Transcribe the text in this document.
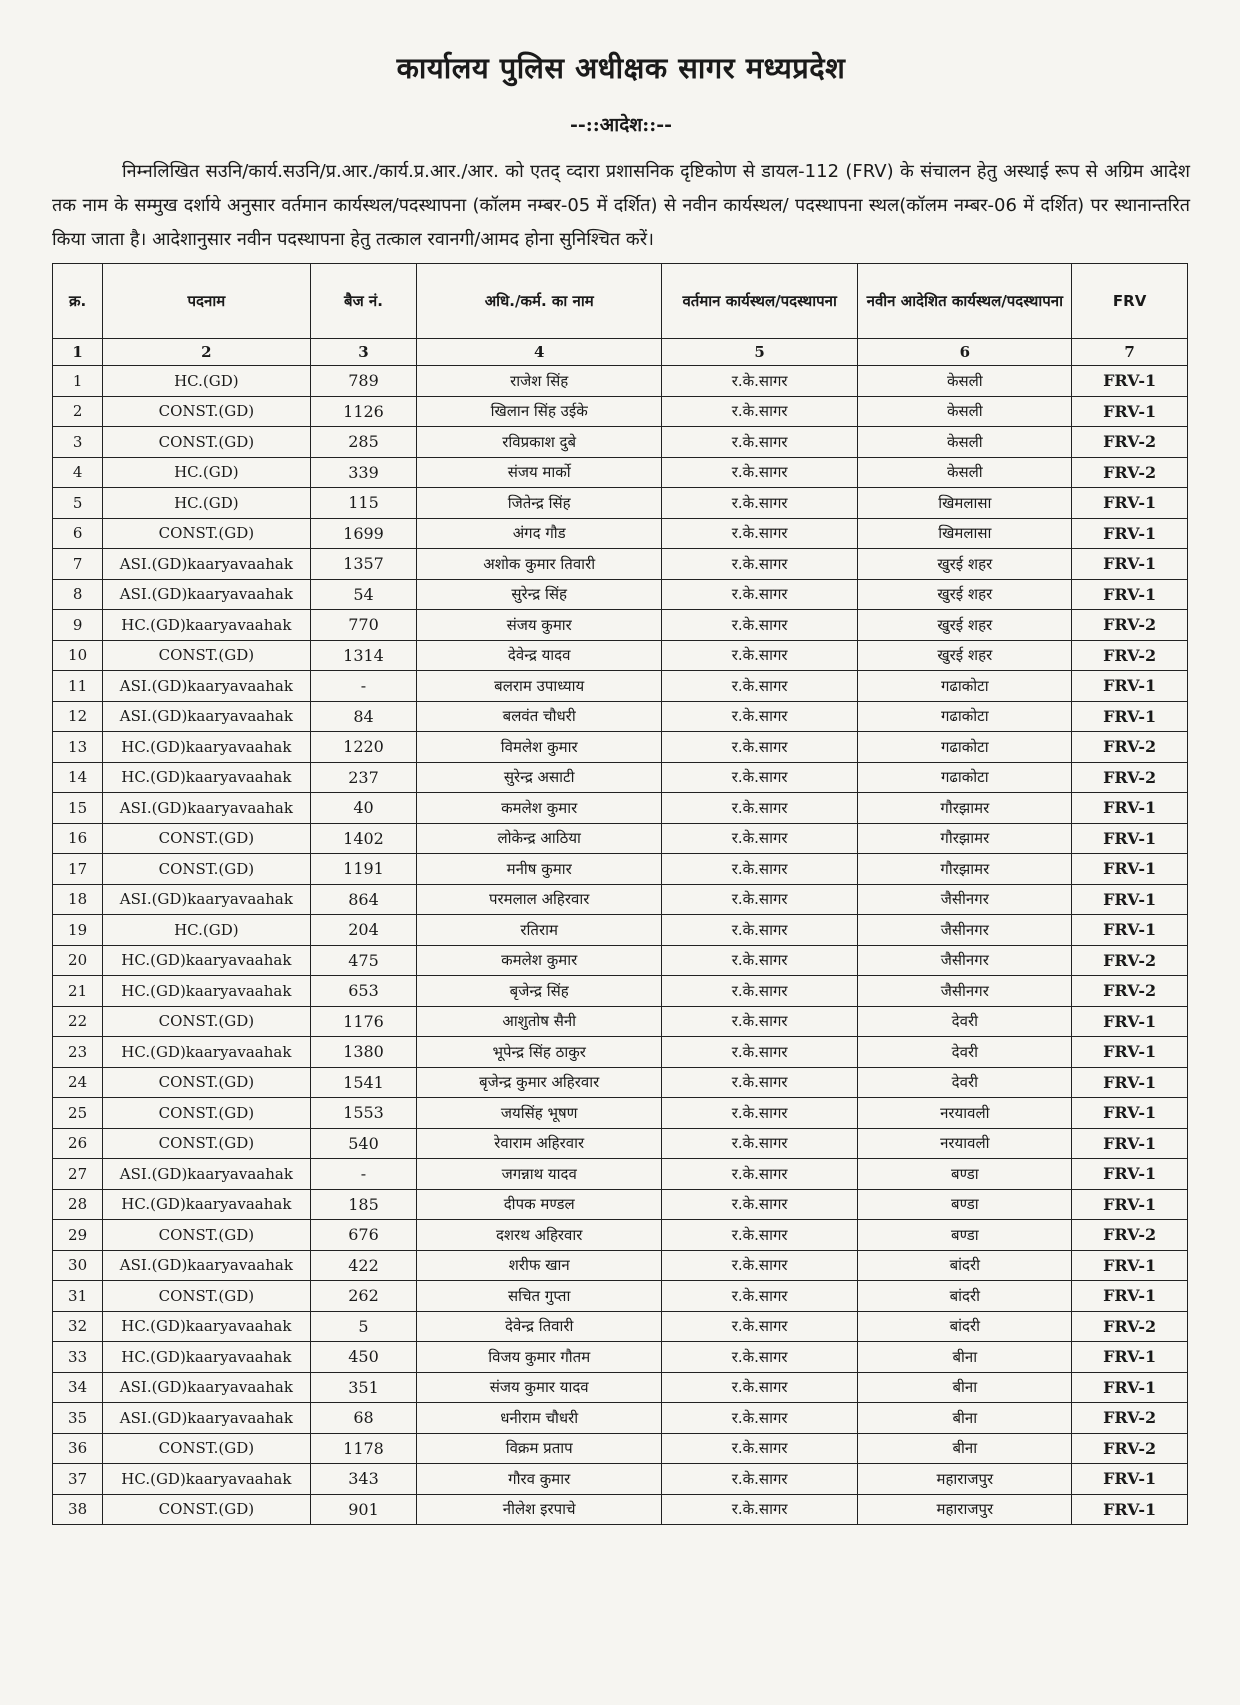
कार्यालय पुलिस अधीक्षक सागर मध्यप्रदेश
--::आदेश::--

निम्नलिखित सउनि/कार्य.सउनि/प्र.आर./कार्य.प्र.आर./आर. को एतद् व्दारा प्रशासनिक दृष्टिकोण से डायल-112 (FRV) के संचालन हेतु अस्थाई रूप से अग्रिम आदेश तक नाम के सम्मुख दर्शाये अनुसार वर्तमान कार्यस्थल/पदस्थापना (कॉलम नम्बर-05 में दर्शित) से नवीन कार्यस्थल/ पदस्थापना स्थल(कॉलम नम्बर-06 में दर्शित) पर स्थानान्तरित किया जाता है। आदेशानुसार नवीन पदस्थापना हेतु तत्काल रवानगी/आमद होना सुनिश्चित करें।

क्र.	पदनाम	बैज नं.	अधि./कर्म. का नाम	वर्तमान कार्यस्थल/पदस्थापना	नवीन आदेशित कार्यस्थल/पदस्थापना	FRV
1	2	3	4	5	6	7
1	HC.(GD)	789	राजेश सिंह	र.के.सागर	केसली	FRV-1
2	CONST.(GD)	1126	खिलान सिंह उईके	र.के.सागर	केसली	FRV-1
3	CONST.(GD)	285	रविप्रकाश दुबे	र.के.सागर	केसली	FRV-2
4	HC.(GD)	339	संजय मार्को	र.के.सागर	केसली	FRV-2
5	HC.(GD)	115	जितेन्द्र सिंह	र.के.सागर	खिमलासा	FRV-1
6	CONST.(GD)	1699	अंगद गौड	र.के.सागर	खिमलासा	FRV-1
7	ASI.(GD)kaaryavaahak	1357	अशोक कुमार तिवारी	र.के.सागर	खुरई शहर	FRV-1
8	ASI.(GD)kaaryavaahak	54	सुरेन्द्र सिंह	र.के.सागर	खुरई शहर	FRV-1
9	HC.(GD)kaaryavaahak	770	संजय कुमार	र.के.सागर	खुरई शहर	FRV-2
10	CONST.(GD)	1314	देवेन्द्र यादव	र.के.सागर	खुरई शहर	FRV-2
11	ASI.(GD)kaaryavaahak	-	बलराम उपाध्याय	र.के.सागर	गढाकोटा	FRV-1
12	ASI.(GD)kaaryavaahak	84	बलवंत चौधरी	र.के.सागर	गढाकोटा	FRV-1
13	HC.(GD)kaaryavaahak	1220	विमलेश कुमार	र.के.सागर	गढाकोटा	FRV-2
14	HC.(GD)kaaryavaahak	237	सुरेन्द्र असाटी	र.के.सागर	गढाकोटा	FRV-2
15	ASI.(GD)kaaryavaahak	40	कमलेश कुमार	र.के.सागर	गौरझामर	FRV-1
16	CONST.(GD)	1402	लोकेन्द्र आठिया	र.के.सागर	गौरझामर	FRV-1
17	CONST.(GD)	1191	मनीष कुमार	र.के.सागर	गौरझामर	FRV-1
18	ASI.(GD)kaaryavaahak	864	परमलाल अहिरवार	र.के.सागर	जैसीनगर	FRV-1
19	HC.(GD)	204	रतिराम	र.के.सागर	जैसीनगर	FRV-1
20	HC.(GD)kaaryavaahak	475	कमलेश कुमार	र.के.सागर	जैसीनगर	FRV-2
21	HC.(GD)kaaryavaahak	653	बृजेन्द्र सिंह	र.के.सागर	जैसीनगर	FRV-2
22	CONST.(GD)	1176	आशुतोष सैनी	र.के.सागर	देवरी	FRV-1
23	HC.(GD)kaaryavaahak	1380	भूपेन्द्र सिंह ठाकुर	र.के.सागर	देवरी	FRV-1
24	CONST.(GD)	1541	बृजेन्द्र कुमार अहिरवार	र.के.सागर	देवरी	FRV-1
25	CONST.(GD)	1553	जयसिंह भूषण	र.के.सागर	नरयावली	FRV-1
26	CONST.(GD)	540	रेवाराम अहिरवार	र.के.सागर	नरयावली	FRV-1
27	ASI.(GD)kaaryavaahak	-	जगन्नाथ यादव	र.के.सागर	बण्डा	FRV-1
28	HC.(GD)kaaryavaahak	185	दीपक मण्डल	र.के.सागर	बण्डा	FRV-1
29	CONST.(GD)	676	दशरथ अहिरवार	र.के.सागर	बण्डा	FRV-2
30	ASI.(GD)kaaryavaahak	422	शरीफ खान	र.के.सागर	बांदरी	FRV-1
31	CONST.(GD)	262	सचित गुप्ता	र.के.सागर	बांदरी	FRV-1
32	HC.(GD)kaaryavaahak	5	देवेन्द्र तिवारी	र.के.सागर	बांदरी	FRV-2
33	HC.(GD)kaaryavaahak	450	विजय कुमार गौतम	र.के.सागर	बीना	FRV-1
34	ASI.(GD)kaaryavaahak	351	संजय कुमार यादव	र.के.सागर	बीना	FRV-1
35	ASI.(GD)kaaryavaahak	68	धनीराम चौधरी	र.के.सागर	बीना	FRV-2
36	CONST.(GD)	1178	विक्रम प्रताप	र.के.सागर	बीना	FRV-2
37	HC.(GD)kaaryavaahak	343	गौरव कुमार	र.के.सागर	महाराजपुर	FRV-1
38	CONST.(GD)	901	नीलेश इरपाचे	र.के.सागर	महाराजपुर	FRV-1
